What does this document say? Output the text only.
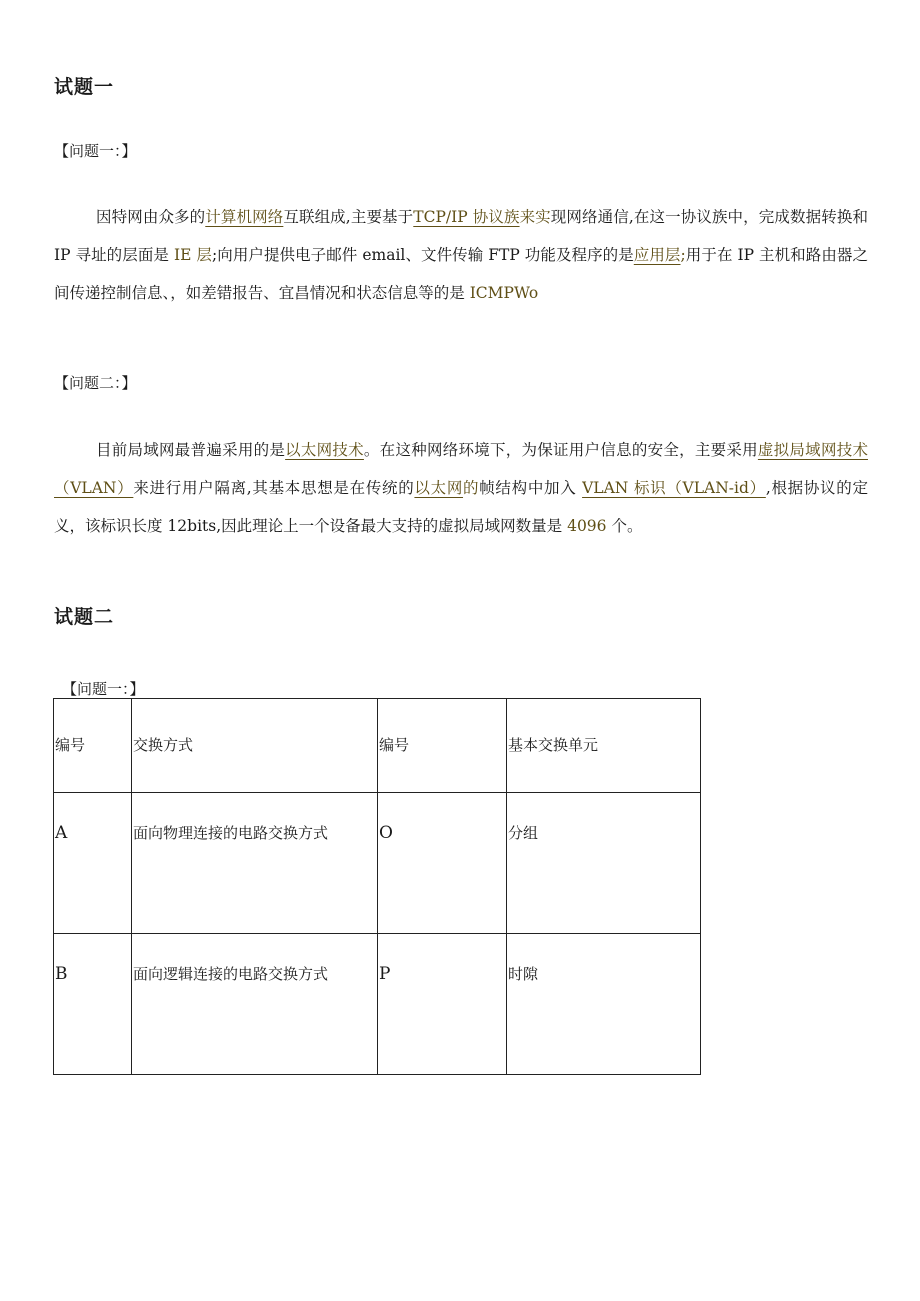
试题一
【问题一：】
因特网由众多的计算机网络互联组成,主要基于TCP/IP 协议族来实现网络通信,在这一协议族中，完成数据转换和 IP 寻址的层面是 IE 层;向用户提供电子邮件 email、文件传输 FTP 功能及程序的是应用层;用于在 IP 主机和路由器之间传递控制信息、，如差错报告、宜昌情况和状态信息等的是 ICMPWo
【问题二：】
目前局域网最普遍采用的是以太网技术。在这种网络环境下，为保证用户信息的安全，主要采用虚拟局域网技术（VLAN）来进行用户隔离,其基本思想是在传统的以太网的帧结构中加入 VLAN 标识（VLAN-id）,根据协议的定义，该标识长度 12bits,因此理论上一个设备最大支持的虚拟局域网数量是 4096 个。
试题二
【问题一：】
编号	交换方式	编号	基本交换单元

A	面向物理连接的电路交换方式	O	分组

B	面向逻辑连接的电路交换方式	P	时隙
